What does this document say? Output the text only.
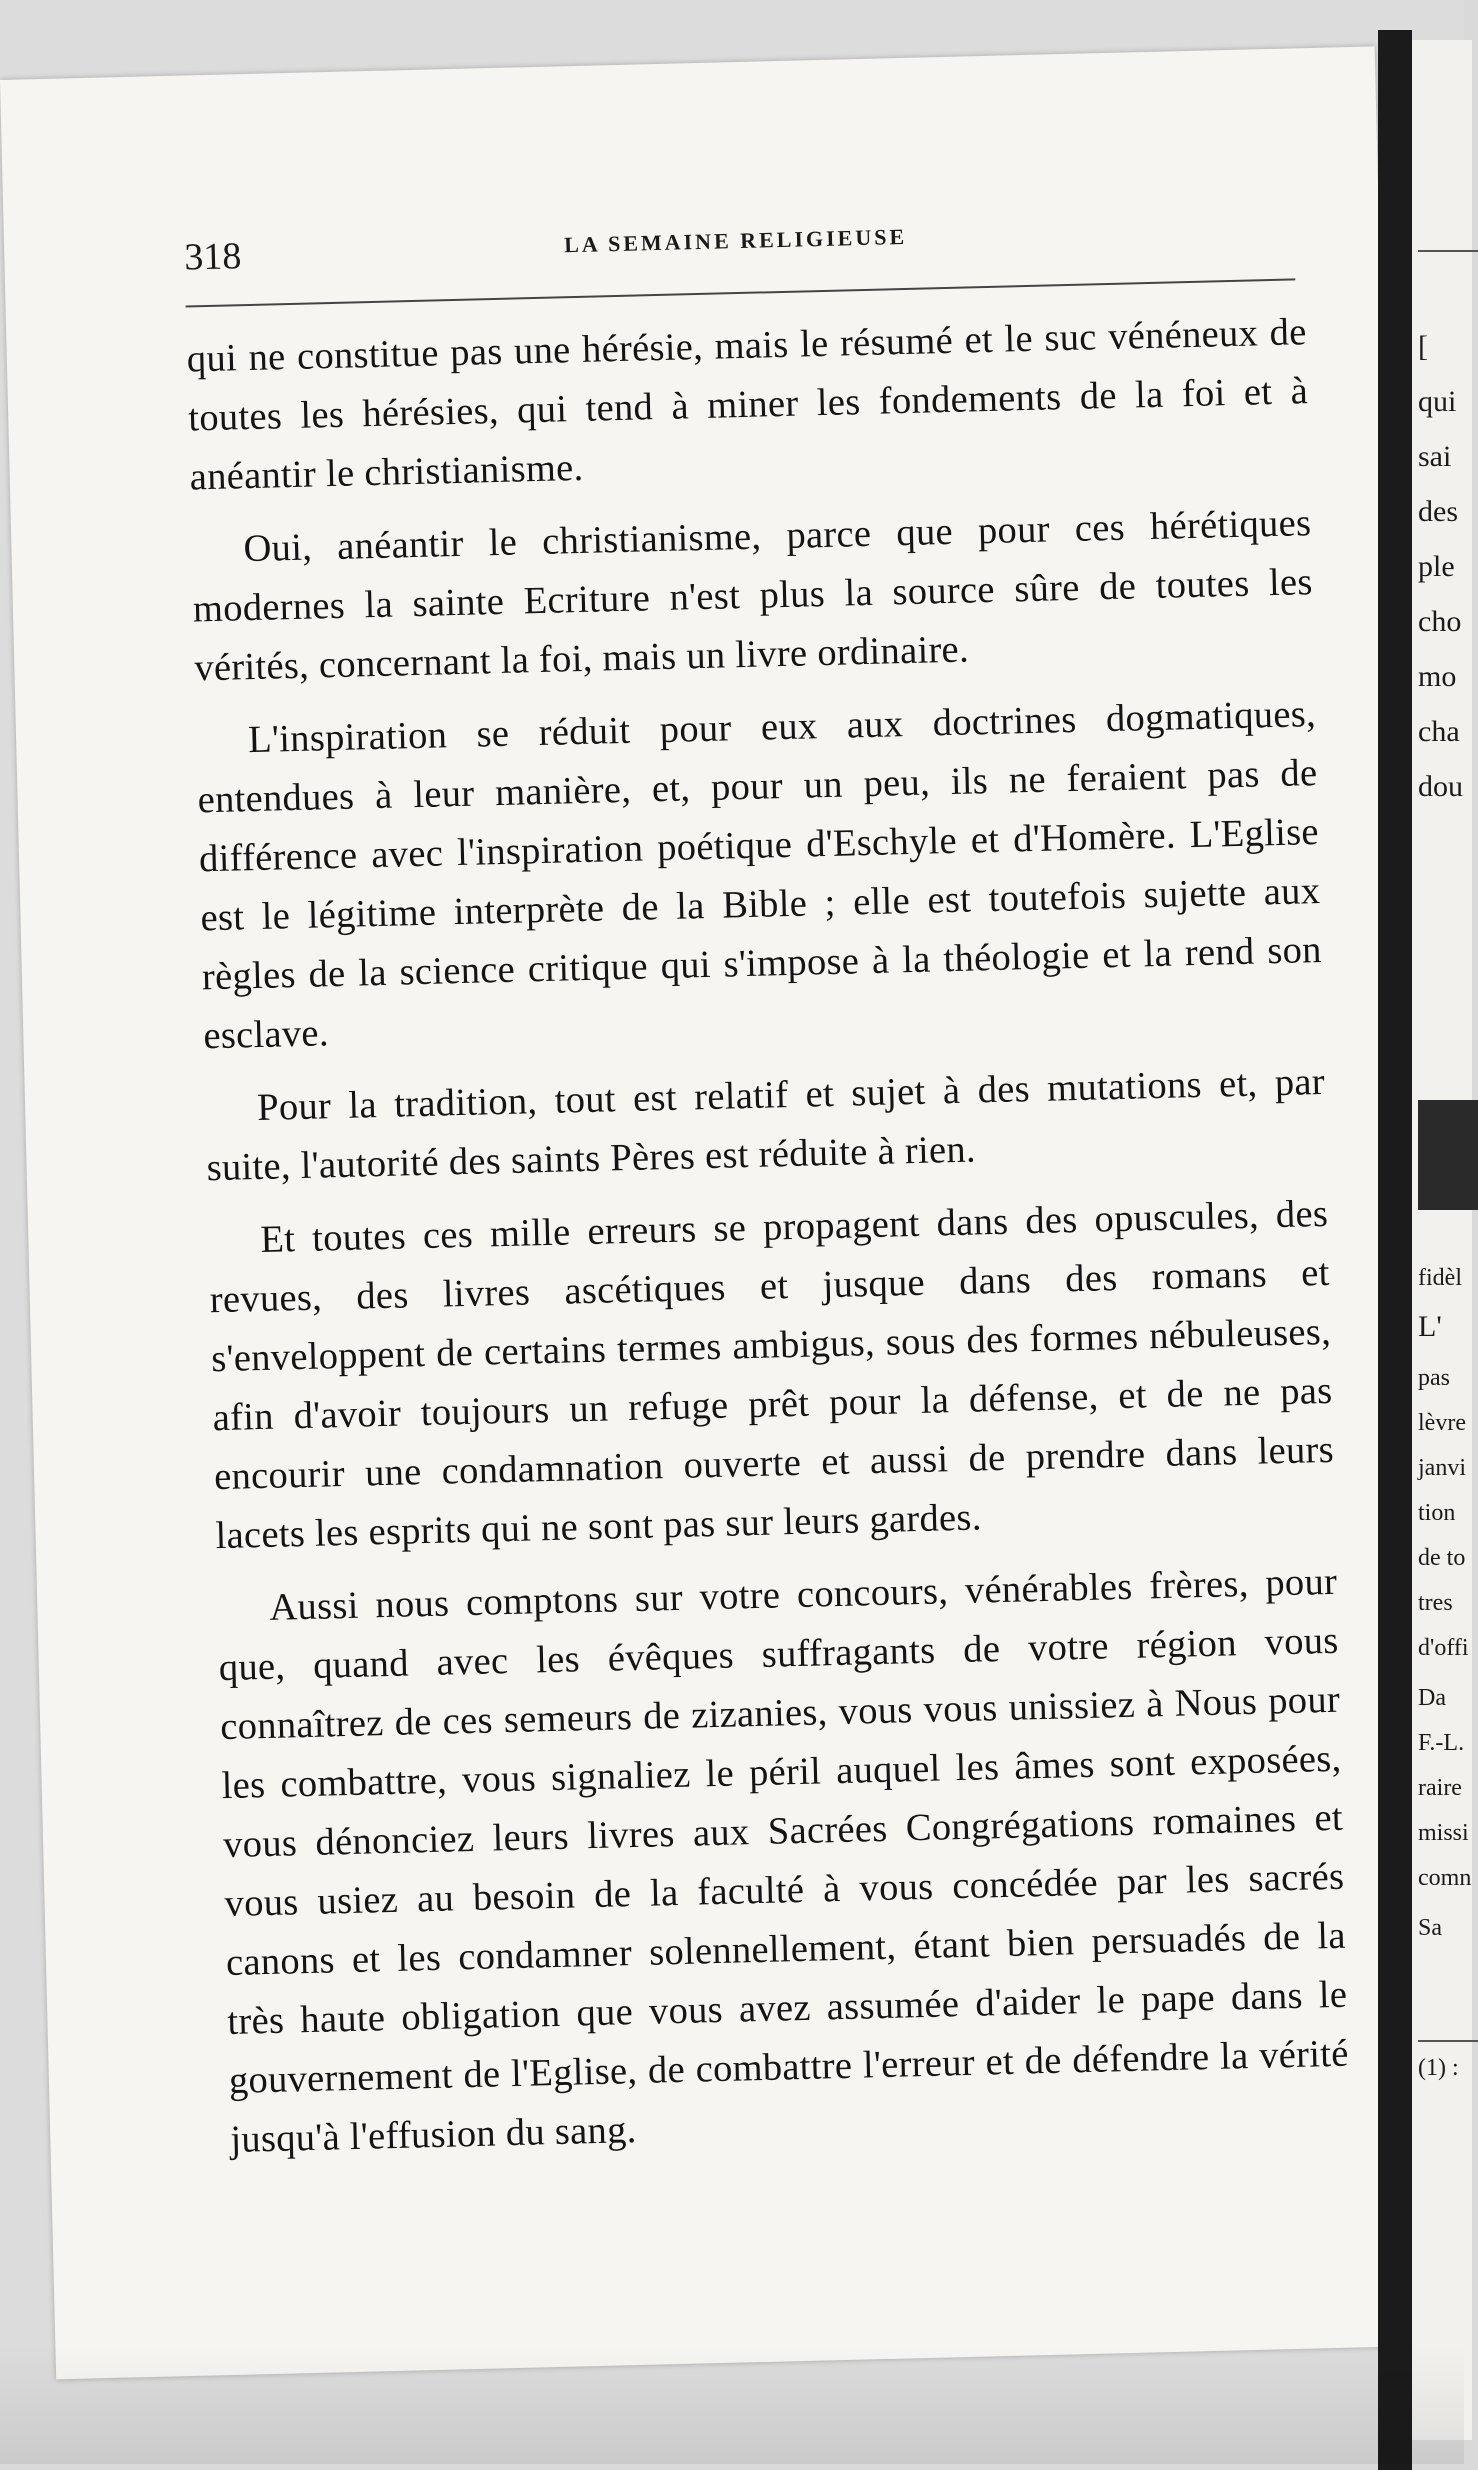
318	LA SEMAINE RELIGIEUSE

qui ne constitue pas une hérésie, mais le résumé et le suc vénéneux de toutes les hérésies, qui tend à miner les fondements de la foi et à anéantir le christianisme.

Oui, anéantir le christianisme, parce que pour ces hérétiques modernes la sainte Ecriture n'est plus la source sûre de toutes les vérités, concernant la foi, mais un livre ordinaire.

L'inspiration se réduit pour eux aux doctrines dogmatiques, entendues à leur manière, et, pour un peu, ils ne feraient pas de différence avec l'inspiration poétique d'Eschyle et d'Homère. L'Eglise est le légitime interprète de la Bible ; elle est toutefois sujette aux règles de la science critique qui s'impose à la théologie et la rend son esclave.

Pour la tradition, tout est relatif et sujet à des mutations et, par suite, l'autorité des saints Pères est réduite à rien.

Et toutes ces mille erreurs se propagent dans des opuscules, des revues, des livres ascétiques et jusque dans des romans et s'enveloppent de certains termes ambigus, sous des formes nébuleuses, afin d'avoir toujours un refuge prêt pour la défense, et de ne pas encourir une condamnation ouverte et aussi de prendre dans leurs lacets les esprits qui ne sont pas sur leurs gardes.

Aussi nous comptons sur votre concours, vénérables frères, pour que, quand avec les évêques suffragants de votre région vous connaîtrez de ces semeurs de zizanies, vous vous unissiez à Nous pour les combattre, vous signaliez le péril auquel les âmes sont exposées, vous dénonciez leurs livres aux Sacrées Congrégations romaines et vous usiez au besoin de la faculté à vous concédée par les sacrés canons et les condamner solennellement, étant bien persuadés de la très haute obligation que vous avez assumée d'aider le pape dans le gouvernement de l'Eglise, de combattre l'erreur et de défendre la vérité jusqu'à l'effusion du sang.

[
qui
sai
des
ple
cho
mo
cha
dou
fidèl
L'
pas
lèvre
janvi
tion
de to
tres
d'offi
Da
F.-L.
raire
missi
comn
Sa
(1) :
